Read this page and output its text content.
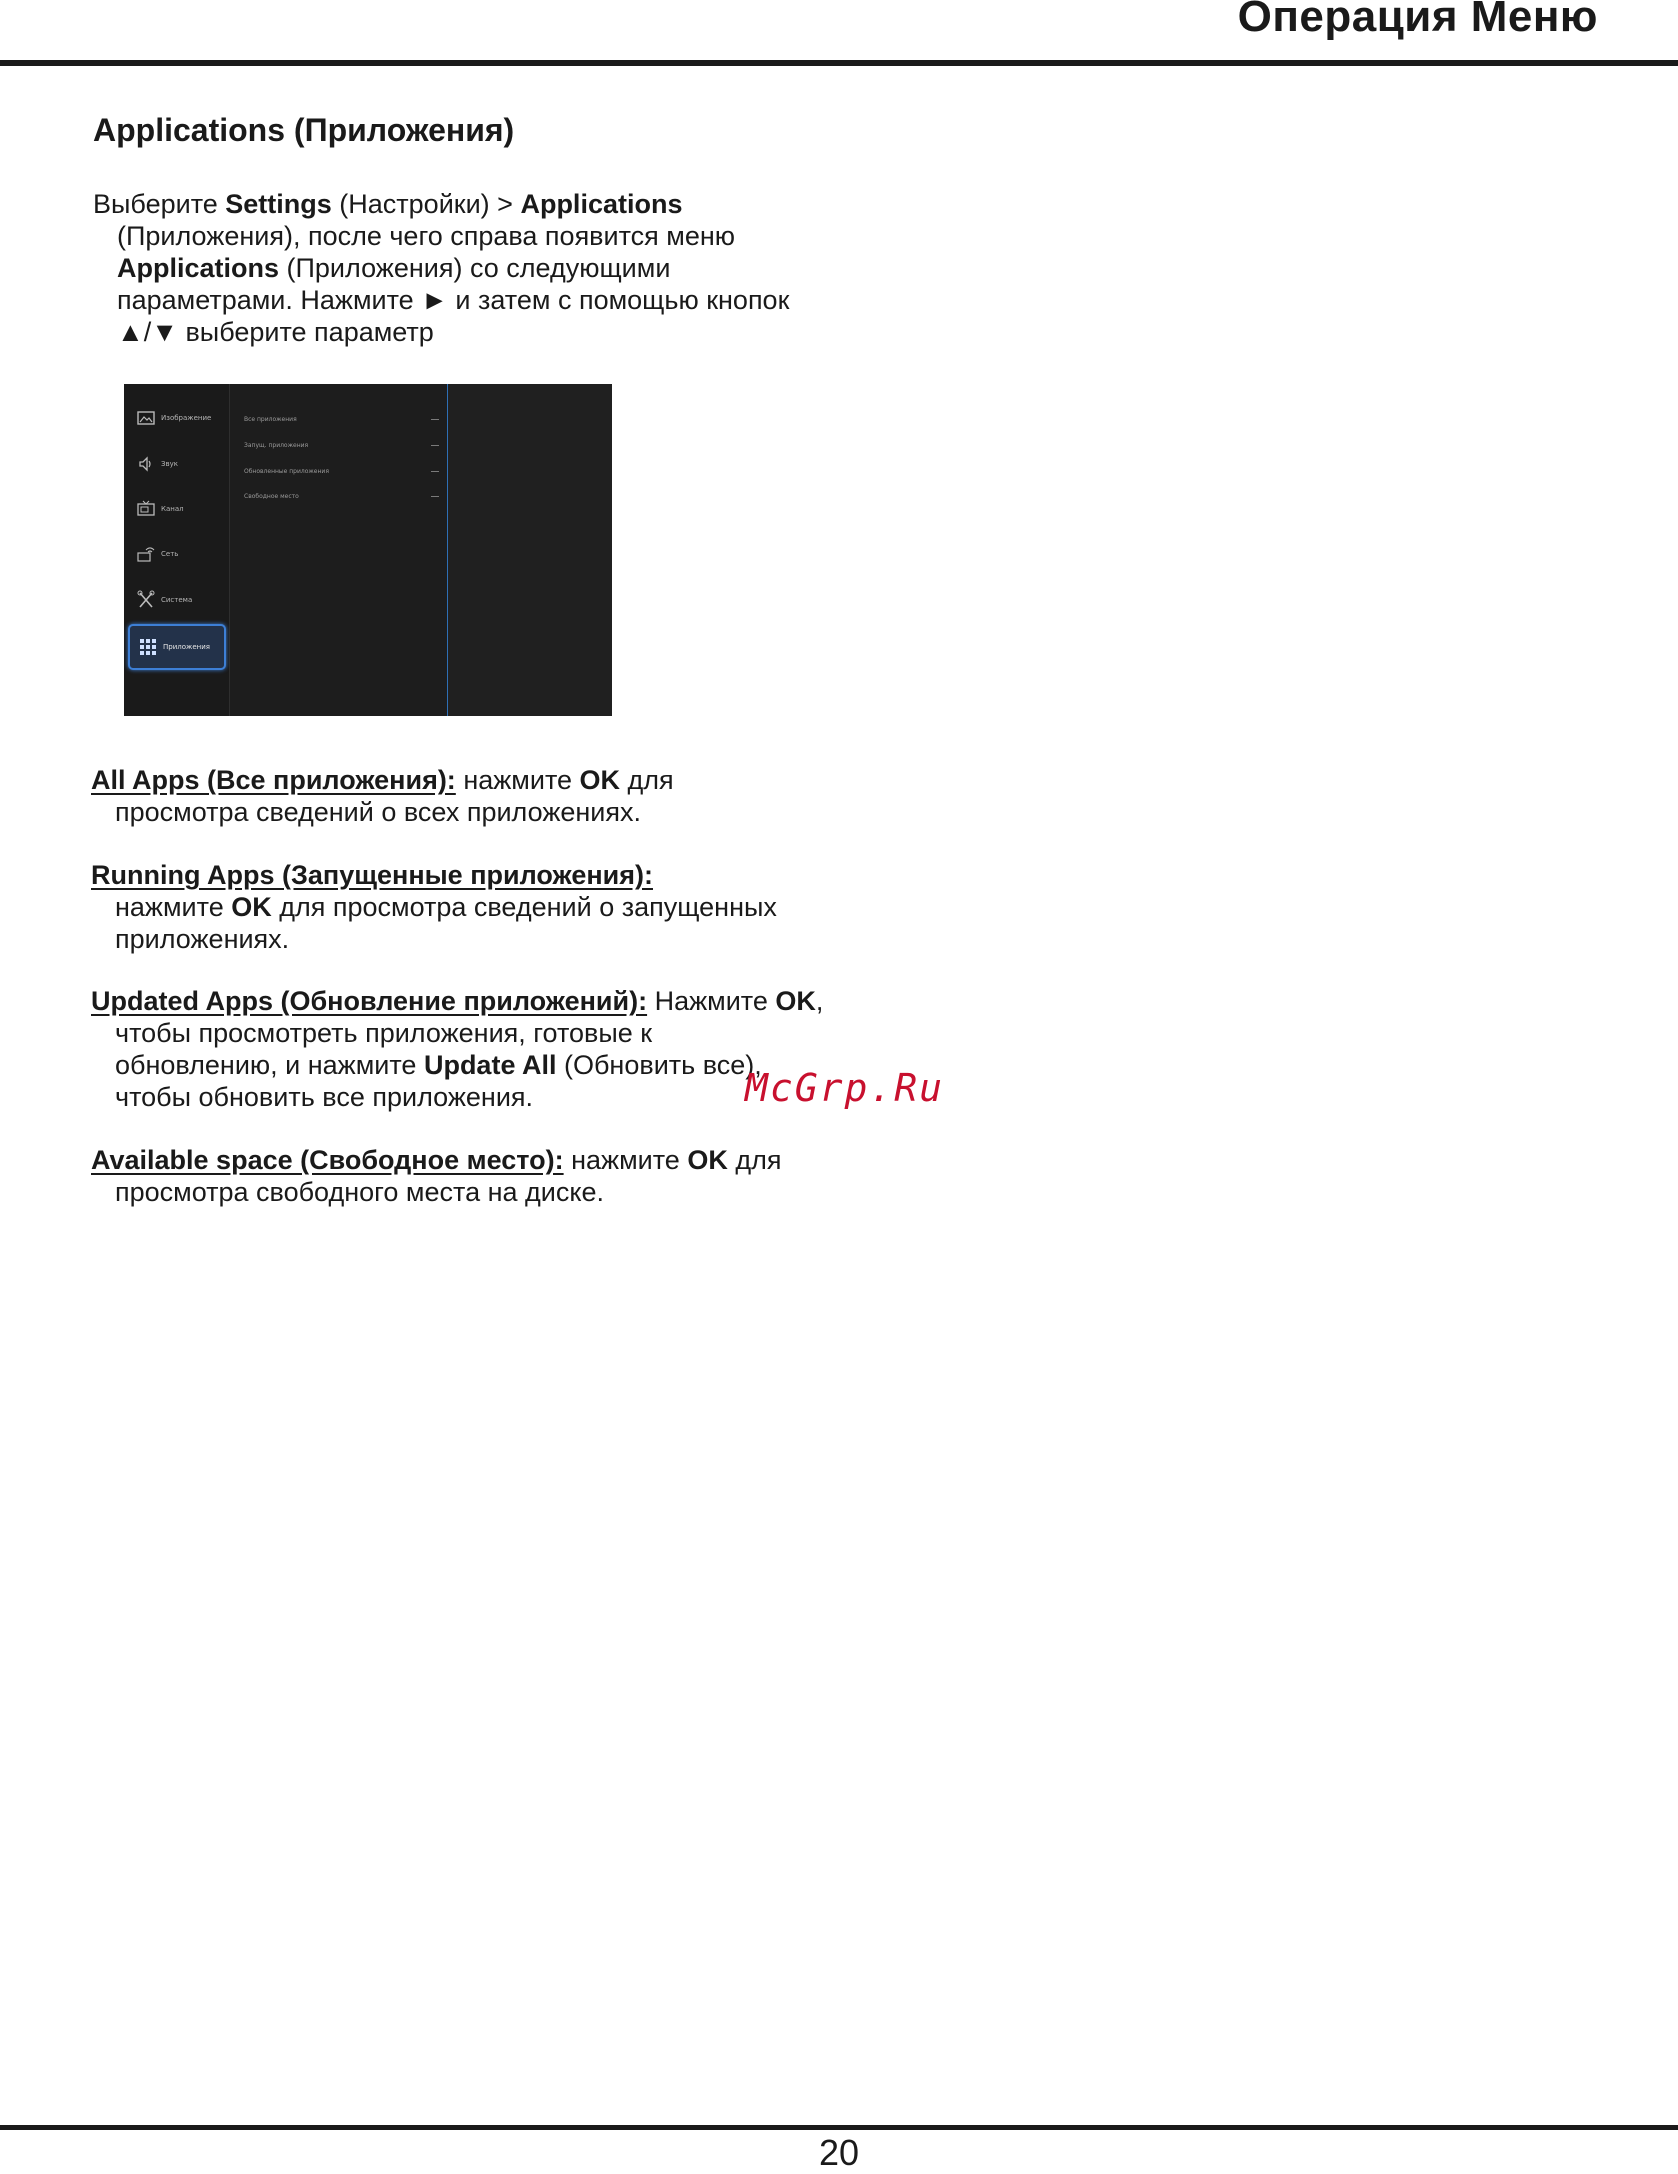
Операция Меню
Applications (Приложения)
Выберите Settings (Настройки) > Applications
(Приложения), после чего справа появится меню
Applications (Приложения) со следующими
параметрами. Нажмите ► и затем с помощью кнопок
▲/▼ выберите параметр
Изображение
Звук
Канал
Сеть
Система
Приложения
Все приложения
Запущ. приложения
Обновленные приложения
Свободное место
All Apps (Все приложения): нажмите OK для
просмотра сведений о всех приложениях.
Running Apps (Запущенные приложения):
нажмите OK для просмотра сведений о запущенных
приложениях.
Updated Apps (Обновление приложений): Нажмите OK,
чтобы просмотреть приложения, готовые к
обновлению, и нажмите Update All (Обновить все),
чтобы обновить все приложения.
Available space (Свободное место): нажмите OK для
просмотра свободного места на диске.
McGrp.Ru
20
